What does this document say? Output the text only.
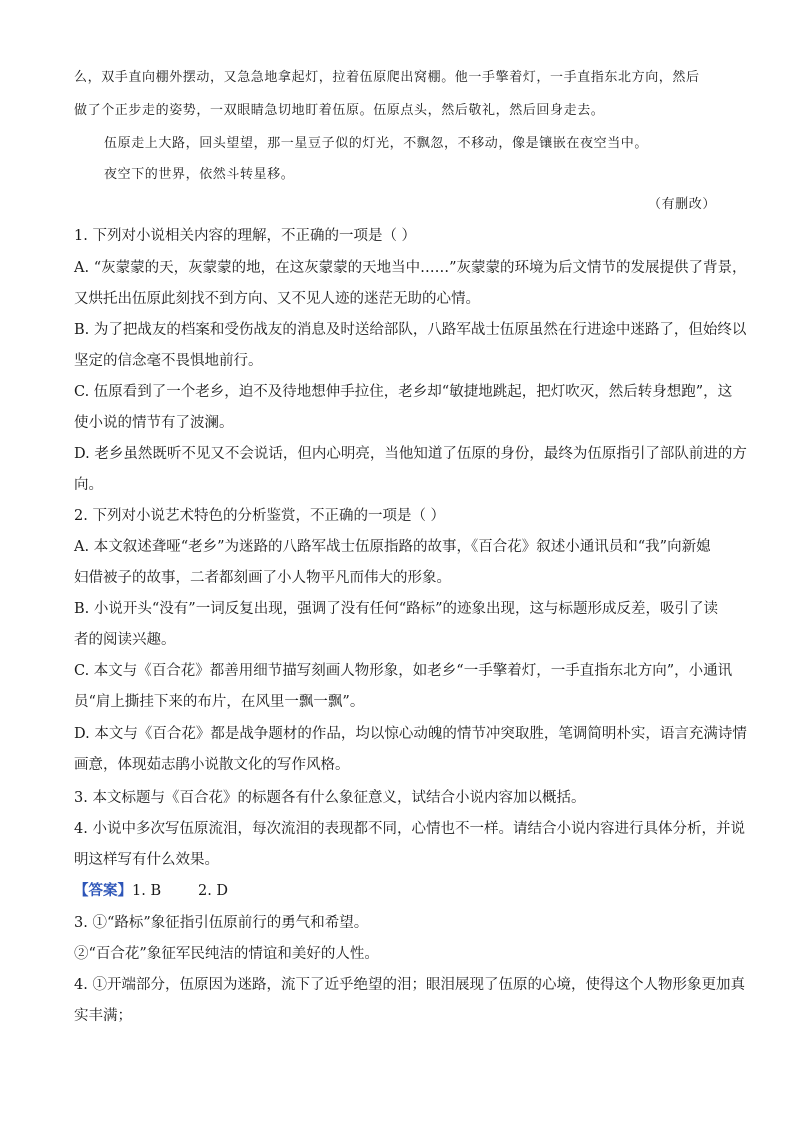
么，双手直向棚外摆动，又急急地拿起灯，拉着伍原爬出窝棚。他一手擎着灯，一手直指东北方向，然后
做了个正步走的姿势，一双眼睛急切地盯着伍原。伍原点头，然后敬礼，然后回身走去。
伍原走上大路，回头望望，那一星豆子似的灯光，不飘忽，不移动，像是镶嵌在夜空当中。
夜空下的世界，依然斗转星移。
（有删改）
1. 下列对小说相关内容的理解，不正确的一项是（ ）
A. “灰蒙蒙的天，灰蒙蒙的地，在这灰蒙蒙的天地当中……”灰蒙蒙的环境为后文情节的发展提供了背景，
又烘托出伍原此刻找不到方向、又不见人迹的迷茫无助的心情。
B. 为了把战友的档案和受伤战友的消息及时送给部队，八路军战士伍原虽然在行进途中迷路了，但始终以
坚定的信念毫不畏惧地前行。
C. 伍原看到了一个老乡，迫不及待地想伸手拉住，老乡却“敏捷地跳起，把灯吹灭，然后转身想跑”，这
使小说的情节有了波澜。
D. 老乡虽然既听不见又不会说话，但内心明亮，当他知道了伍原的身份，最终为伍原指引了部队前进的方
向。
2. 下列对小说艺术特色的分析鉴赏，不正确的一项是（ ）
A. 本文叙述聋哑“老乡”为迷路的八路军战士伍原指路的故事，《百合花》叙述小通讯员和“我”向新媳
妇借被子的故事，二者都刻画了小人物平凡而伟大的形象。
B. 小说开头“没有”一词反复出现，强调了没有任何“路标”的迹象出现，这与标题形成反差，吸引了读
者的阅读兴趣。
C. 本文与《百合花》都善用细节描写刻画人物形象，如老乡“一手擎着灯，一手直指东北方向”，小通讯
员“肩上撕挂下来的布片，在风里一飘一飘”。
D. 本文与《百合花》都是战争题材的作品，均以惊心动魄的情节冲突取胜，笔调简明朴实，语言充满诗情
画意，体现茹志鹃小说散文化的写作风格。
3. 本文标题与《百合花》的标题各有什么象征意义，试结合小说内容加以概括。
4. 小说中多次写伍原流泪，每次流泪的表现都不同，心情也不一样。请结合小说内容进行具体分析，并说
明这样写有什么效果。
【答案】1. B        2. D
3. ①“路标”象征指引伍原前行的勇气和希望。
②“百合花”象征军民纯洁的情谊和美好的人性。
4. ①开端部分，伍原因为迷路，流下了近乎绝望的泪；眼泪展现了伍原的心境，使得这个人物形象更加真
实丰满；
